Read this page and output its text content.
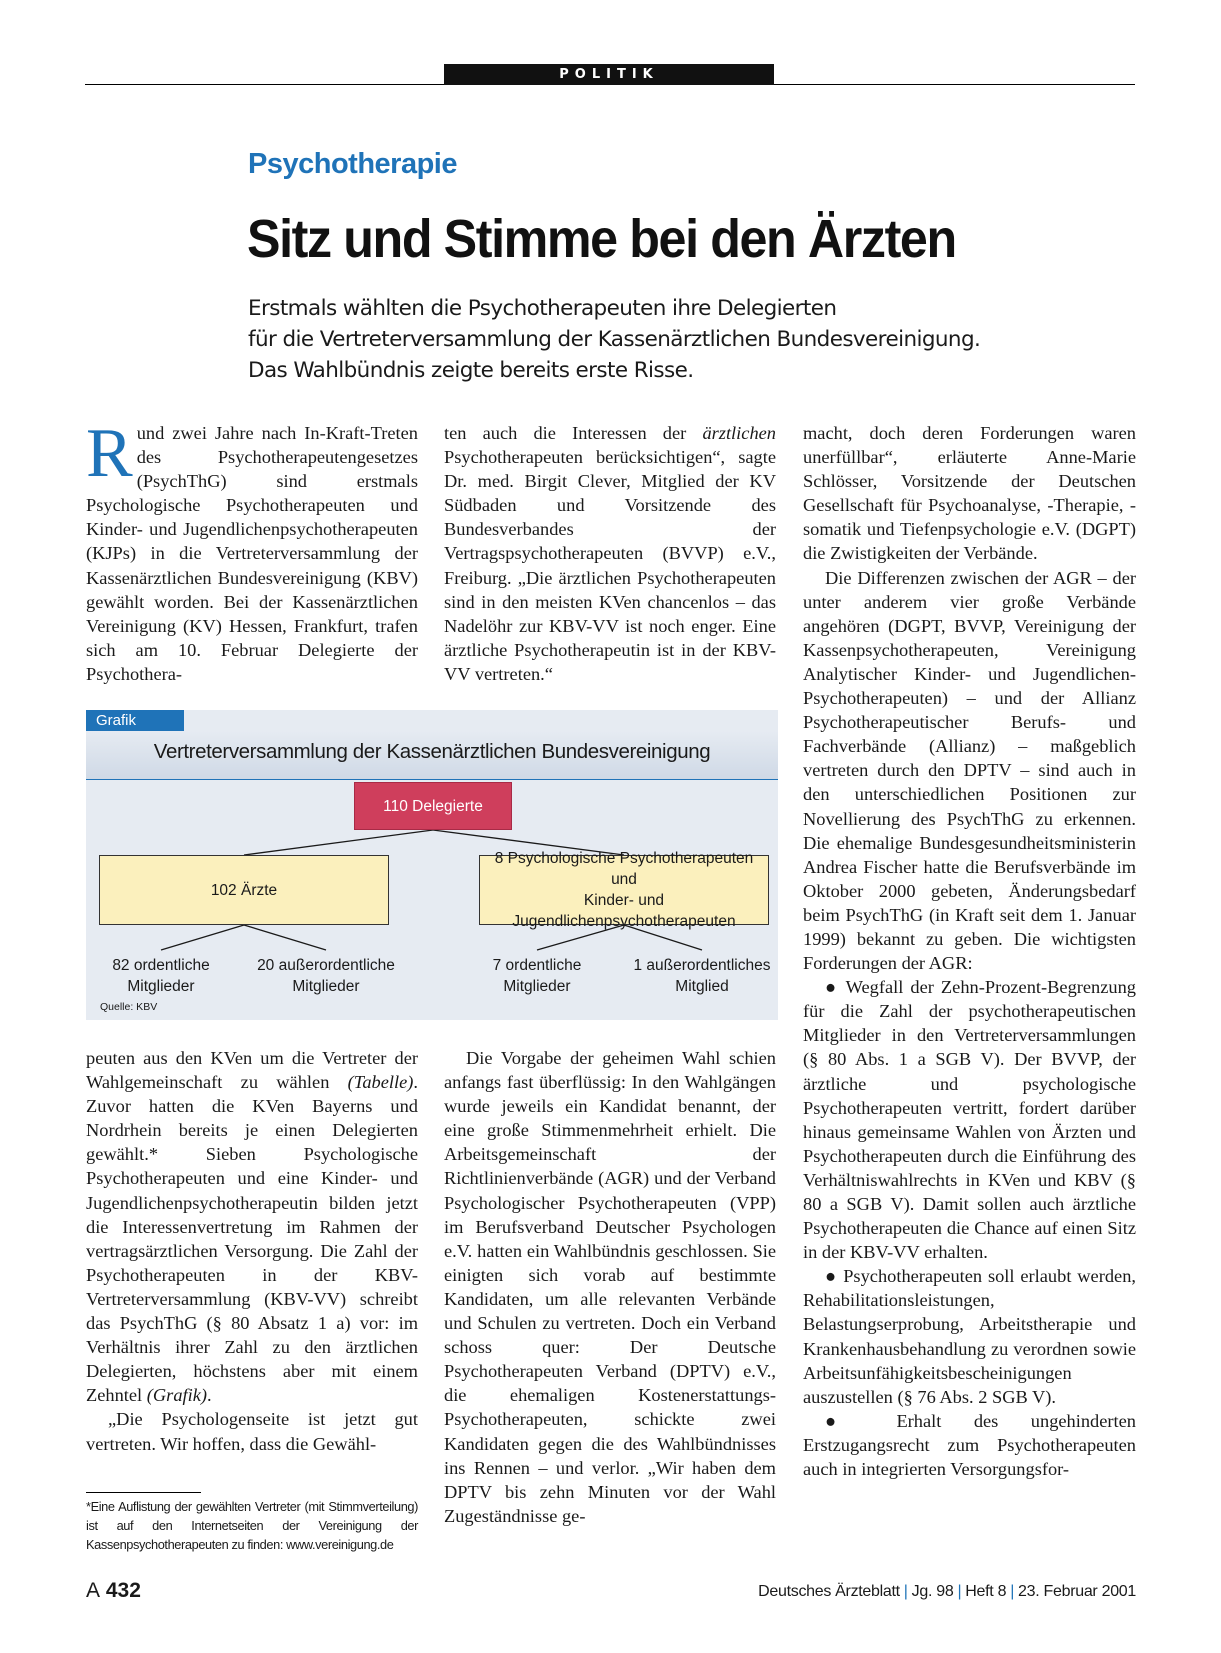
POLITIK
Psychotherapie
Sitz und Stimme bei den Ärzten
Erstmals wählten die Psychotherapeuten ihre Delegierten
für die Vertreterversammlung der Kassenärztlichen Bundesvereinigung.
Das Wahlbündnis zeigte bereits erste Risse.

Rund zwei Jahre nach In-Kraft-Treten des Psychotherapeutengesetzes (PsychThG) sind erstmals Psychologische Psychotherapeuten und Kinder- und Jugendlichenpsychotherapeuten (KJPs) in die Vertreterversammlung der Kassenärztlichen Bundesvereinigung (KBV) gewählt worden. Bei der Kassenärztlichen Vereinigung (KV) Hessen, Frankfurt, trafen sich am 10. Februar Delegierte der Psychothera-

ten auch die Interessen der ärztlichen Psychotherapeuten berücksichtigen“, sagte Dr. med. Birgit Clever, Mitglied der KV Südbaden und Vorsitzende des Bundesverbandes der Vertragspsychotherapeuten (BVVP) e.V., Freiburg. „Die ärztlichen Psychotherapeuten sind in den meisten KVen chancenlos – das Nadelöhr zur KBV-VV ist noch enger. Eine ärztliche Psychotherapeutin ist in der KBV-VV vertreten.“

macht, doch deren Forderungen waren unerfüllbar“, erläuterte Anne-Marie Schlösser, Vorsitzende der Deutschen Gesellschaft für Psychoanalyse, -Therapie, -somatik und Tiefenpsychologie e.V. (DGPT) die Zwistigkeiten der Verbände.

Die Differenzen zwischen der AGR – der unter anderem vier große Verbände angehören (DGPT, BVVP, Vereinigung der Kassenpsychotherapeuten, Vereinigung Analytischer Kinder- und Jugendlichen-Psychotherapeuten) – und der Allianz Psychotherapeutischer Berufs- und Fachverbände (Allianz) – maßgeblich vertreten durch den DPTV – sind auch in den unterschiedlichen Positionen zur Novellierung des PsychThG zu erkennen. Die ehemalige Bundesgesundheitsministerin Andrea Fischer hatte die Berufsverbände im Oktober 2000 gebeten, Änderungsbedarf beim PsychThG (in Kraft seit dem 1. Januar 1999) bekannt zu geben. Die wichtigsten Forderungen der AGR:

● Wegfall der Zehn-Prozent-Begrenzung für die Zahl der psychotherapeutischen Mitglieder in den Vertreterversammlungen (§ 80 Abs. 1 a SGB V). Der BVVP, der ärztliche und psychologische Psychotherapeuten vertritt, fordert darüber hinaus gemeinsame Wahlen von Ärzten und Psychotherapeuten durch die Einführung des Verhältniswahlrechts in KVen und KBV (§ 80 a SGB V). Damit sollen auch ärztliche Psychotherapeuten die Chance auf einen Sitz in der KBV-VV erhalten.

● Psychotherapeuten soll erlaubt werden, Rehabilitationsleistungen, Belastungserprobung, Arbeitstherapie und Krankenhausbehandlung zu verordnen sowie Arbeitsunfähigkeitsbescheinigungen auszustellen (§ 76 Abs. 2 SGB V).

● Erhalt des ungehinderten Erstzugangsrecht zum Psychotherapeuten auch in integrierten Versorgungsfor-

Grafik
Vertreterversammlung der Kassenärztlichen Bundesvereinigung
110 Delegierte
102 Ärzte
8 Psychologische Psychotherapeuten und
Kinder- und Jugendlichenpsychotherapeuten
82 ordentliche
Mitglieder
20 außerordentliche
Mitglieder
7 ordentliche
Mitglieder
1 außerordentliches
Mitglied
Quelle: KBV

peuten aus den KVen um die Vertreter der Wahlgemeinschaft zu wählen (Tabelle). Zuvor hatten die KVen Bayerns und Nordrhein bereits je einen Delegierten gewählt.* Sieben Psychologische Psychotherapeuten und eine Kinder- und Jugendlichenpsychotherapeutin bilden jetzt die Interessenvertretung im Rahmen der vertragsärztlichen Versorgung. Die Zahl der Psychotherapeuten in der KBV-Vertreterversammlung (KBV-VV) schreibt das PsychThG (§ 80 Absatz 1 a) vor: im Verhältnis ihrer Zahl zu den ärztlichen Delegierten, höchstens aber mit einem Zehntel (Grafik).

„Die Psychologenseite ist jetzt gut vertreten. Wir hoffen, dass die Gewähl-

Die Vorgabe der geheimen Wahl schien anfangs fast überflüssig: In den Wahlgängen wurde jeweils ein Kandidat benannt, der eine große Stimmenmehrheit erhielt. Die Arbeitsgemeinschaft der Richtlinienverbände (AGR) und der Verband Psychologischer Psychotherapeuten (VPP) im Berufsverband Deutscher Psychologen e.V. hatten ein Wahlbündnis geschlossen. Sie einigten sich vorab auf bestimmte Kandidaten, um alle relevanten Verbände und Schulen zu vertreten. Doch ein Verband schoss quer: Der Deutsche Psychotherapeuten Verband (DPTV) e.V., die ehemaligen Kostenerstattungs-Psychotherapeuten, schickte zwei Kandidaten gegen die des Wahlbündnisses ins Rennen – und verlor. „Wir haben dem DPTV bis zehn Minuten vor der Wahl Zugeständnisse ge-

*Eine Auflistung der gewählten Vertreter (mit Stimmverteilung) ist auf den Internetseiten der Vereinigung der Kassenpsychotherapeuten zu finden: www.vereinigung.de
A 432	Deutsches Ärzteblatt | Jg. 98 | Heft 8 | 23. Februar 2001
